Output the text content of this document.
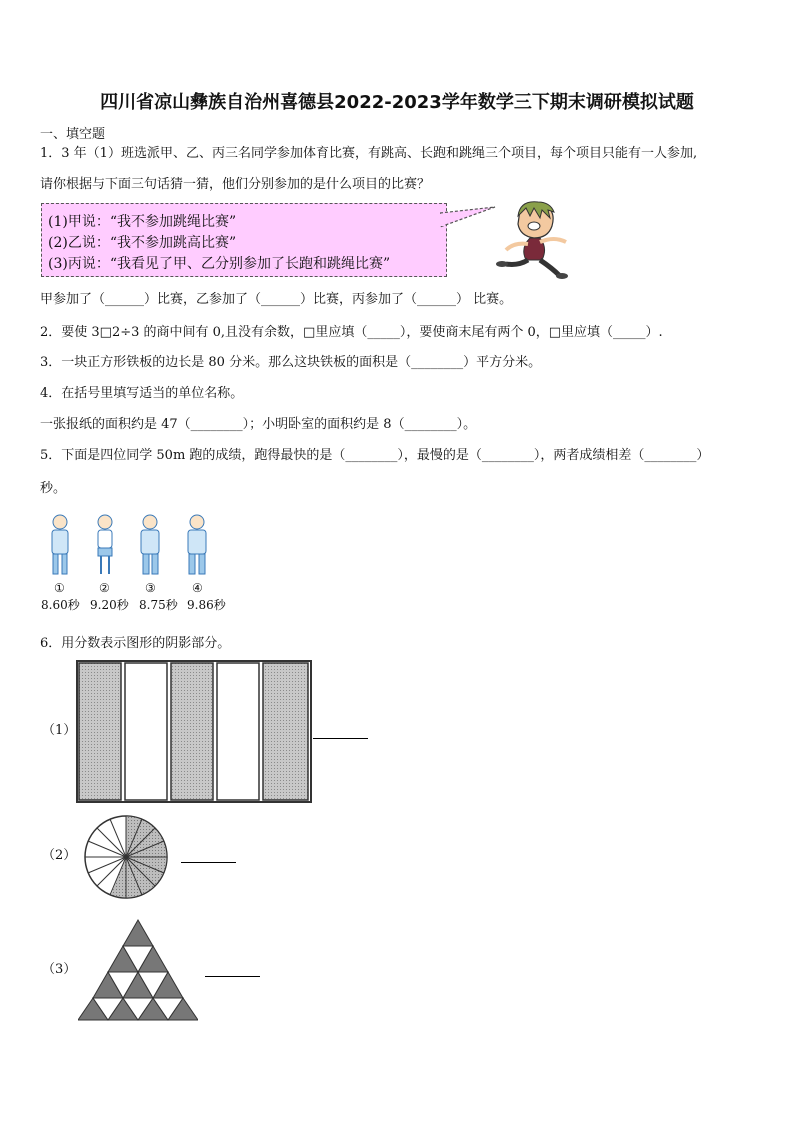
四川省凉山彝族自治州喜德县2022-2023学年数学三下期末调研模拟试题
一、填空题
1．3 年（1）班选派甲、乙、丙三名同学参加体育比赛，有跳高、长跑和跳绳三个项目，每个项目只能有一人参加,
请你根据与下面三句话猜一猜，他们分别参加的是什么项目的比赛？
(1)甲说：“我不参加跳绳比赛”
(2)乙说：“我不参加跳高比赛”
(3)丙说：“我看见了甲、乙分别参加了长跑和跳绳比赛”
甲参加了（______）比赛，乙参加了（______）比赛，丙参加了（______） 比赛。
2．要使 3□2÷3 的商中间有 0,且没有余数，□里应填（_____），要使商末尾有两个 0，□里应填（_____）.
3．一块正方形铁板的边长是 80 分米。那么这块铁板的面积是（________）平方分米。
4．在括号里填写适当的单位名称。
一张报纸的面积约是 47（________）；小明卧室的面积约是 8（________）。
5．下面是四位同学 50m 跑的成绩，跑得最快的是（________），最慢的是（________），两者成绩相差（________）
秒。
①	②	③	④
8.60秒 9.20秒 8.75秒 9.86秒
6．用分数表示图形的阴影部分。
（1）
（2）
（3）
